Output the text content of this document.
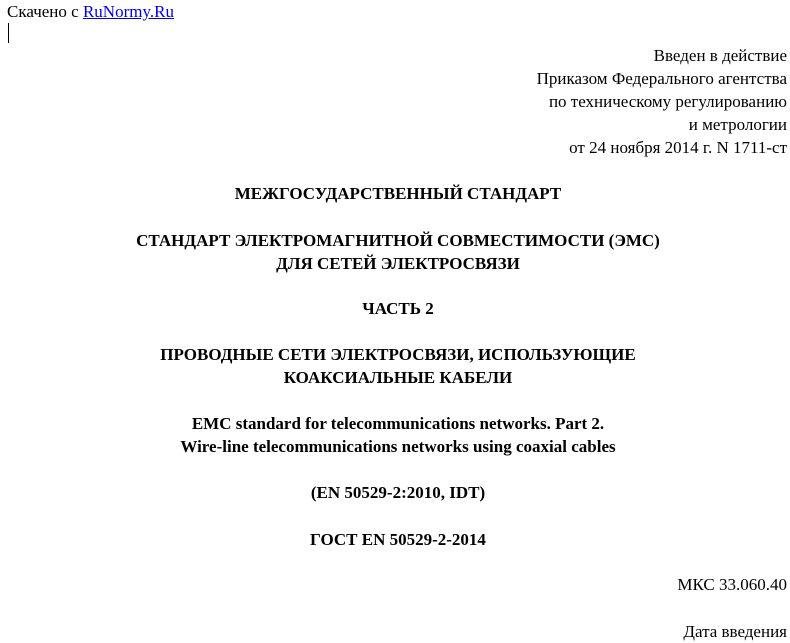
Скачено с RuNormy.Ru
Введен в действие
Приказом Федерального агентства
по техническому регулированию
и метрологии
от 24 ноября 2014 г. N 1711-ст
МЕЖГОСУДАРСТВЕННЫЙ СТАНДАРТ
СТАНДАРТ ЭЛЕКТРОМАГНИТНОЙ СОВМЕСТИМОСТИ (ЭМС)
ДЛЯ СЕТЕЙ ЭЛЕКТРОСВЯЗИ
ЧАСТЬ 2
ПРОВОДНЫЕ СЕТИ ЭЛЕКТРОСВЯЗИ, ИСПОЛЬЗУЮЩИЕ
КОАКСИАЛЬНЫЕ КАБЕЛИ
EMC standard for telecommunications networks. Part 2.
Wire-line telecommunications networks using coaxial cables
(EN 50529-2:2010, IDT)
ГОСТ EN 50529-2-2014
МКС 33.060.40
Дата введения
